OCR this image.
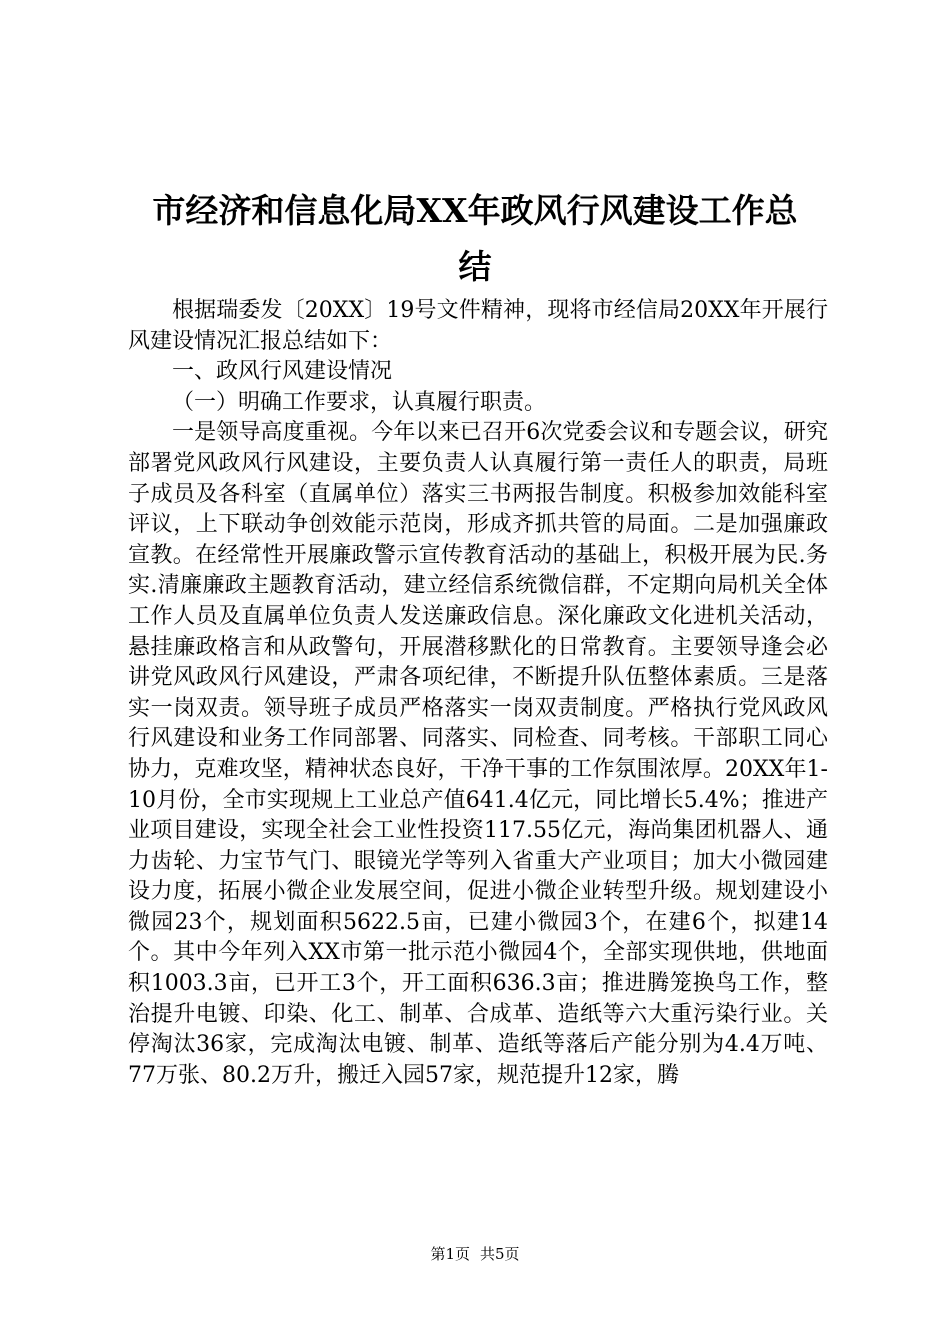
市经济和信息化局XX年政风行风建设工作总
结

根据瑞委发〔20XX〕19号文件精神，现将市经信局20XX年开展行风建设情况汇报总结如下：

一、政风行风建设情况

（一）明确工作要求，认真履行职责。

一是领导高度重视。今年以来已召开6次党委会议和专题会议，研究部署党风政风行风建设，主要负责人认真履行第一责任人的职责，局班子成员及各科室（直属单位）落实三书两报告制度。积极参加效能科室评议，上下联动争创效能示范岗，形成齐抓共管的局面。二是加强廉政宣教。在经常性开展廉政警示宣传教育活动的基础上，积极开展为民.务实.清廉廉政主题教育活动，建立经信系统微信群，不定期向局机关全体工作人员及直属单位负责人发送廉政信息。深化廉政文化进机关活动，悬挂廉政格言和从政警句，开展潜移默化的日常教育。主要领导逢会必讲党风政风行风建设，严肃各项纪律，不断提升队伍整体素质。三是落实一岗双责。领导班子成员严格落实一岗双责制度。严格执行党风政风行风建设和业务工作同部署、同落实、同检查、同考核。干部职工同心协力，克难攻坚，精神状态良好，干净干事的工作氛围浓厚。20XX年1-10月份，全市实现规上工业总产值641.4亿元，同比增长5.4%；推进产业项目建设，实现全社会工业性投资117.55亿元，海尚集团机器人、通力齿轮、力宝节气门、眼镜光学等列入省重大产业项目；加大小微园建设力度，拓展小微企业发展空间，促进小微企业转型升级。规划建设小微园23个，规划面积5622.5亩，已建小微园3个，在建6个，拟建14个。其中今年列入XX市第一批示范小微园4个，全部实现供地，供地面积1003.3亩，已开工3个，开工面积636.3亩；推进腾笼换鸟工作，整治提升电镀、印染、化工、制革、合成革、造纸等六大重污染行业。关停淘汰36家，完成淘汰电镀、制革、造纸等落后产能分别为4.4万吨、77万张、80.2万升，搬迁入园57家，规范提升12家，腾

第1页 共5页
